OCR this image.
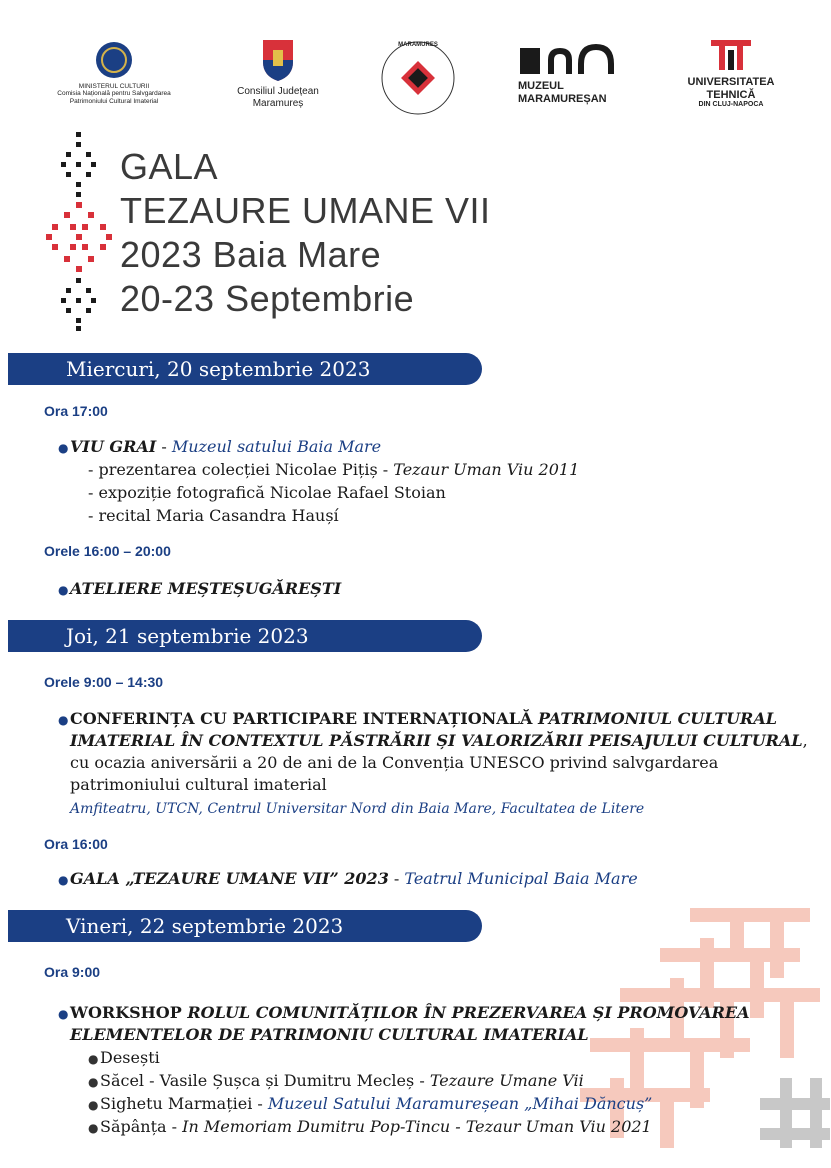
MINISTERUL CULTURII
Comisia Națională pentru Salvgardarea
Patrimoniului Cultural Imaterial
Consiliul Județean
Maramureș
MARAMUREȘ
MUZEUL
MARAMUREȘAN
UNIVERSITATEA
TEHNICĂ
DIN CLUJ-NAPOCA
GALA
TEZAURE UMANE VII
2023 Baia Mare
20-23 Septembrie
Miercuri, 20 septembrie 2023
Ora 17:00
●VIU GRAI - Muzeul satului Baia Mare
- prezentarea colecției Nicolae Pițiș - Tezaur Uman Viu 2011
- expoziție fotografică Nicolae Rafael Stoian
- recital Maria Casandra Haușí
Orele 16:00 – 20:00
●ATELIERE MEȘTEȘUGĂREȘTI
Joi, 21 septembrie 2023
Orele 9:00 – 14:30
●CONFERINȚA CU PARTICIPARE INTERNAȚIONALĂ PATRIMONIUL CULTURAL
IMATERIAL ÎN CONTEXTUL PĂSTRĂRII ȘI VALORIZĂRII PEISAJULUI CULTURAL,
cu ocazia aniversării a 20 de ani de la Convenția UNESCO privind salvgardarea
patrimoniului cultural imaterial
Amfiteatru, UTCN, Centrul Universitar Nord din Baia Mare, Facultatea de Litere
Ora 16:00
●GALA „TEZAURE UMANE VII” 2023 - Teatrul Municipal Baia Mare
Vineri, 22 septembrie 2023
Ora 9:00
●WORKSHOP ROLUL COMUNITĂȚILOR ÎN PREZERVAREA ȘI PROMOVAREA
ELEMENTELOR DE PATRIMONIU CULTURAL IMATERIAL
●Desești
●Săcel - Vasile Șușca și Dumitru Mecleș - Tezaure Umane Vii
●Sighetu Marmației - Muzeul Satului Maramureșean „Mihai Dăncuș”
●Săpânța - In Memoriam Dumitru Pop-Tincu - Tezaur Uman Viu 2021
